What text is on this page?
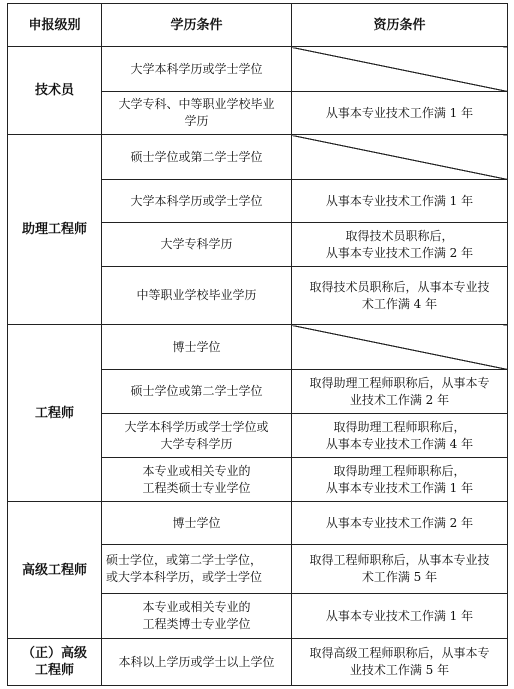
申报级别	学历条件	资历条件

技术员	大学本科学历或学士学位	

	大学专科、中等职业学校毕业
学历	从事本专业技术工作满 1 年

助理工程师	硕士学位或第二学士学位	

	大学本科学历或学士学位	从事本专业技术工作满 1 年

	大学专科学历	取得技术员职称后，
从事本专业技术工作满 2 年

	中等职业学校毕业学历	取得技术员职称后，从事本专业技
术工作满 4 年

工程师	博士学位	

	硕士学位或第二学士学位	取得助理工程师职称后，从事本专
业技术工作满 2 年

	大学本科学历或学士学位或
大学专科学历	取得助理工程师职称后，
从事本专业技术工作满 4 年

	本专业或相关专业的
工程类硕士专业学位	取得助理工程师职称后，
从事本专业技术工作满 1 年

高级工程师	博士学位	从事本专业技术工作满 2 年

	硕士学位，或第二学士学位，
或大学本科学历，或学士学位	取得工程师职称后，从事本专业技
术工作满 5 年

	本专业或相关专业的
工程类博士专业学位	从事本专业技术工作满 1 年

（正）高级
工程师	本科以上学历或学士以上学位	取得高级工程师职称后，从事本专
业技术工作满 5 年
